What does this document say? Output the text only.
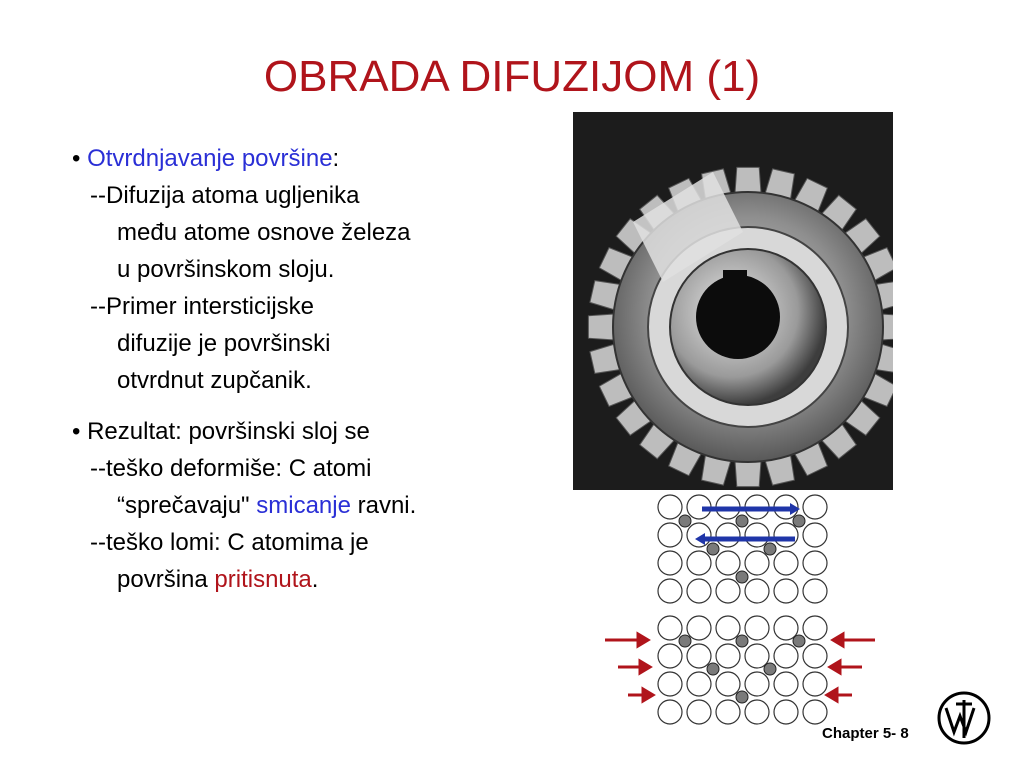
OBRADA DIFUZIJOM (1)
• Otvrdnjavanje površine:
--Difuzija atoma ugljenika
među atome osnove železa
u površinskom sloju.
--Primer intersticijske
difuzije je površinski
otvrdnut zupčanik.
• Rezultat: površinski sloj se
--teško deformiše: C atomi
“sprečavaju" smicanje ravni.
--teško lomi: C atomima je
površina pritisnuta.
Chapter 5- 8
